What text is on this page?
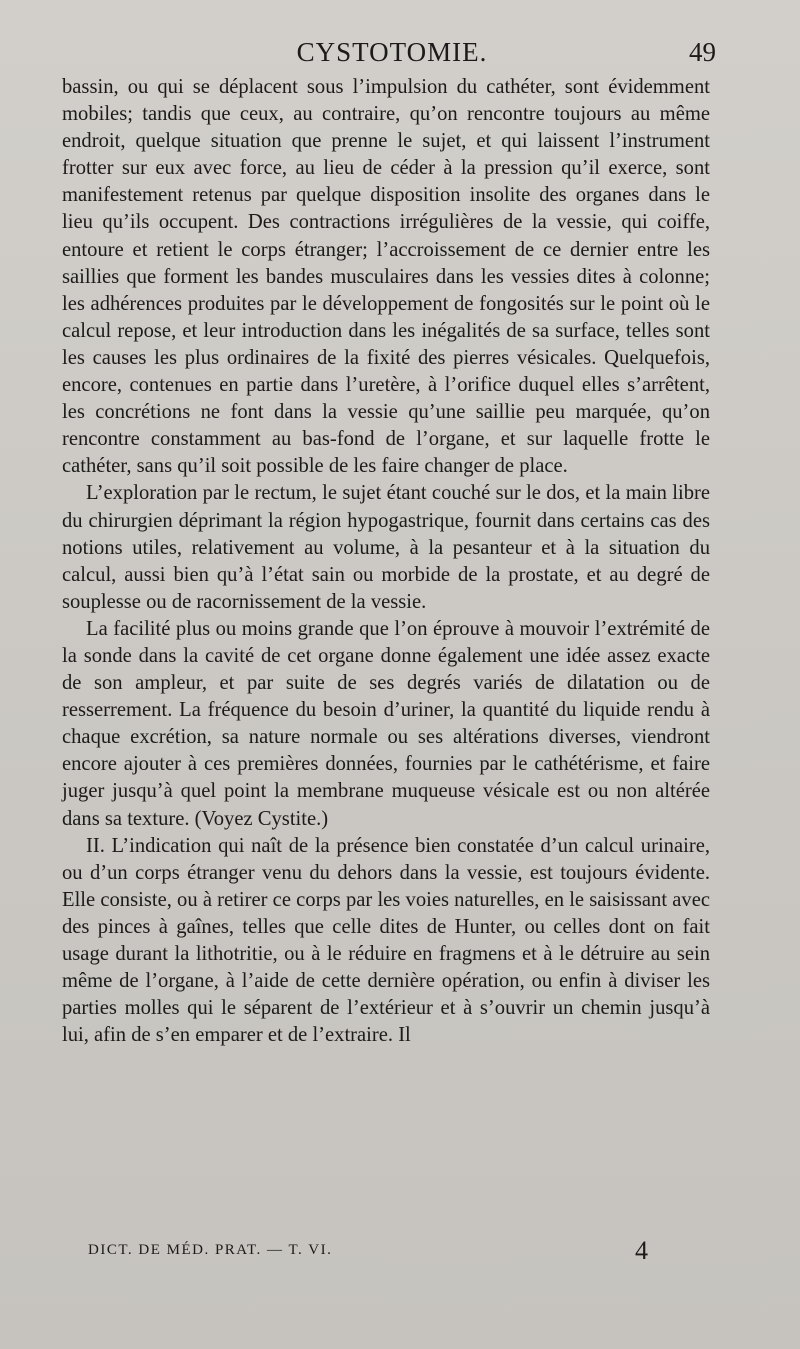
CYSTOTOMIE.	49

bassin, ou qui se déplacent sous l’impulsion du cathéter, sont évidemment mobiles; tandis que ceux, au contraire, qu’on rencontre toujours au même endroit, quelque situation que prenne le sujet, et qui laissent l’instrument frotter sur eux avec force, au lieu de céder à la pression qu’il exerce, sont manifestement retenus par quelque disposition insolite des organes dans le lieu qu’ils occupent. Des contractions irrégulières de la vessie, qui coiffe, entoure et retient le corps étranger; l’accroissement de ce dernier entre les saillies que forment les bandes musculaires dans les vessies dites à colonne; les adhérences produites par le développement de fongosités sur le point où le calcul repose, et leur introduction dans les inégalités de sa surface, telles sont les causes les plus ordinaires de la fixité des pierres vésicales. Quelquefois, encore, contenues en partie dans l’uretère, à l’orifice duquel elles s’arrêtent, les concrétions ne font dans la vessie qu’une saillie peu marquée, qu’on rencontre constamment au bas-fond de l’organe, et sur laquelle frotte le cathéter, sans qu’il soit possible de les faire changer de place.

L’exploration par le rectum, le sujet étant couché sur le dos, et la main libre du chirurgien déprimant la région hypogastrique, fournit dans certains cas des notions utiles, relativement au volume, à la pesanteur et à la situation du calcul, aussi bien qu’à l’état sain ou morbide de la prostate, et au degré de souplesse ou de racornissement de la vessie.

La facilité plus ou moins grande que l’on éprouve à mouvoir l’extrémité de la sonde dans la cavité de cet organe donne également une idée assez exacte de son ampleur, et par suite de ses degrés variés de dilatation ou de resserrement. La fréquence du besoin d’uriner, la quantité du liquide rendu à chaque excrétion, sa nature normale ou ses altérations diverses, viendront encore ajouter à ces premières données, fournies par le cathétérisme, et faire juger jusqu’à quel point la membrane muqueuse vésicale est ou non altérée dans sa texture. (Voyez Cystite.)

II. L’indication qui naît de la présence bien constatée d’un calcul urinaire, ou d’un corps étranger venu du dehors dans la vessie, est toujours évidente. Elle consiste, ou à retirer ce corps par les voies naturelles, en le saisissant avec des pinces à gaînes, telles que celle dites de Hunter, ou celles dont on fait usage durant la lithotritie, ou à le réduire en fragmens et à le détruire au sein même de l’organe, à l’aide de cette dernière opération, ou enfin à diviser les parties molles qui le séparent de l’extérieur et à s’ouvrir un chemin jusqu’à lui, afin de s’en emparer et de l’extraire. Il

DICT. DE MÉD. PRAT. — T. VI.	4
